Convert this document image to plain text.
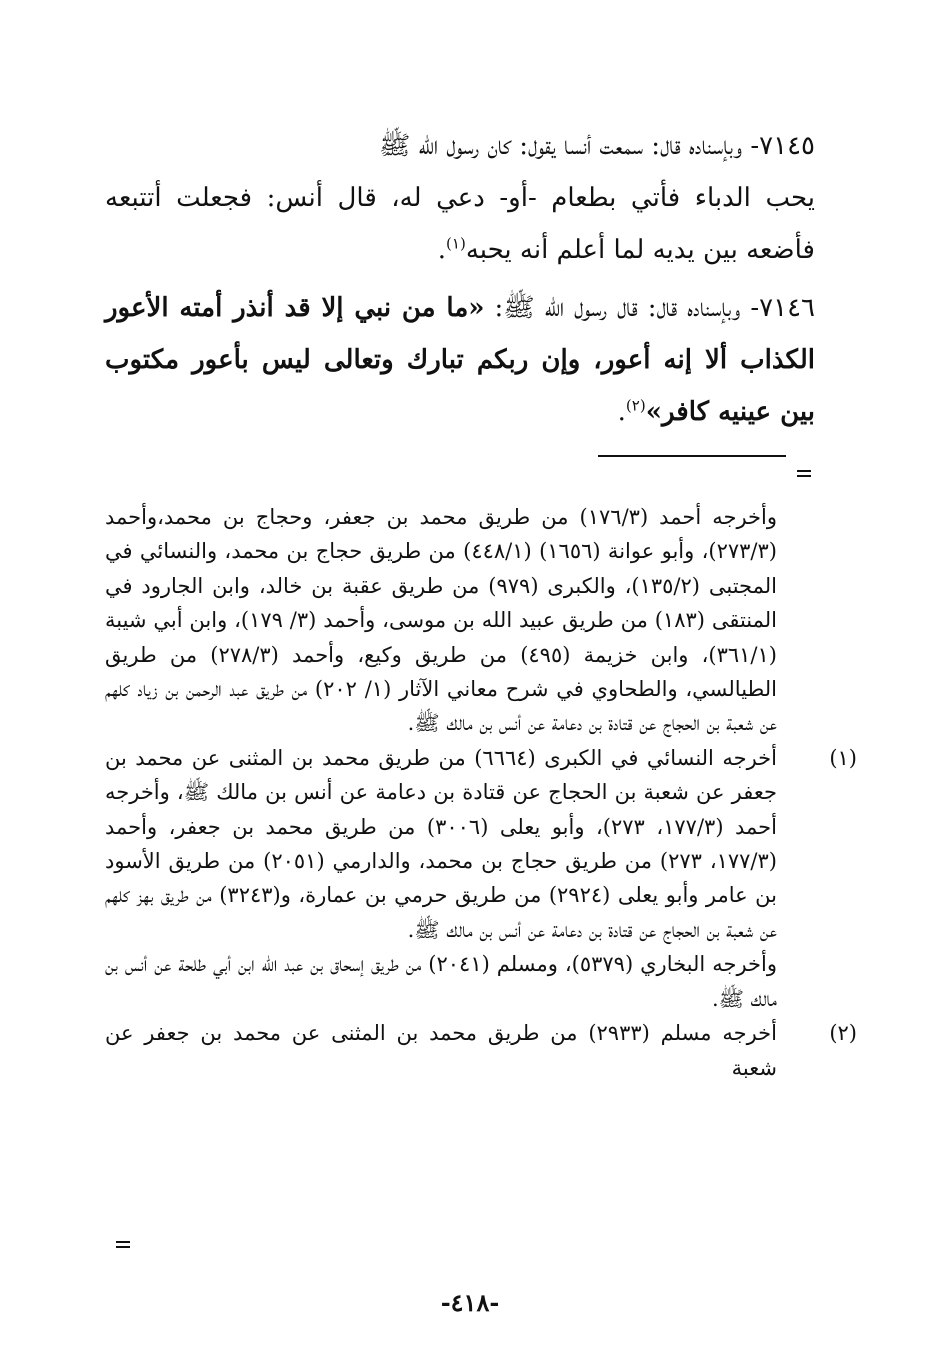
٧١٤٥- وبإسناده قال: سمعت أنسا يقول: كان رسول الله ﷺ
يحب الدباء فأتي بطعام -أو- دعي له، قال أنس: فجعلت أتتبعه فأضعه بين يديه لما أعلم أنه يحبه$^{(١)}$.

٧١٤٦- وبإسناده قال: قال رسول الله ﷺ: «ما من نبي إلا قد أنذر أمته الأعور الكذاب ألا إنه أعور، وإن ربكم تبارك وتعالى ليس بأعور مكتوب بين عينيه كافر»$^{(٢)}$.

وأخرجه أحمد (١٧٦/٣) من طريق محمد بن جعفر، وحجاج بن محمد،وأحمد (٢٧٣/٣)، وأبو عوانة (١٦٥٦) (٤٤٨/١) من طريق حجاج بن محمد، والنسائي في المجتبى (١٣٥/٢)، والكبرى (٩٧٩) من طريق عقبة بن خالد، وابن الجارود في المنتقى (١٨٣) من طريق عبيد الله بن موسى، وأحمد (٣/ ١٧٩)، وابن أبي شيبة (٣٦١/١)، وابن خزيمة (٤٩٥) من طريق وكيع، وأحمد (٢٧٨/٣) من طريق الطيالسي، والطحاوي في شرح معاني الآثار (١/ ٢٠٢) من طريق عبد الرحمن بن زياد كلهم عن شعبة بن الحجاج عن قتادة بن دعامة عن أنس بن مالك ﷺ.

(١)أخرجه النسائي في الكبرى (٦٦٦٤) من طريق محمد بن المثنى عن محمد بن جعفر عن شعبة بن الحجاج عن قتادة بن دعامة عن أنس بن مالك ﷺ، وأخرجه أحمد (١٧٧/٣، ٢٧٣)، وأبو يعلى (٣٠٠٦) من طريق محمد بن جعفر، وأحمد (١٧٧/٣، ٢٧٣) من طريق حجاج بن محمد، والدارمي (٢٠٥١) من طريق الأسود بن عامر وأبو يعلى (٢٩٢٤) من طريق حرمي بن عمارة، و(٣٢٤٣) من طريق بهز كلهم عن شعبة بن الحجاج عن قتادة بن دعامة عن أنس بن مالك ﷺ.

وأخرجه البخاري (٥٣٧٩)، ومسلم (٢٠٤١) من طريق إسحاق بن عبد الله ابن أبي طلحة عن أنس بن مالك ﷺ.

(٢)أخرجه مسلم (٢٩٣٣) من طريق محمد بن المثنى عن محمد بن جعفر عن شعبة

-٤١٨-
